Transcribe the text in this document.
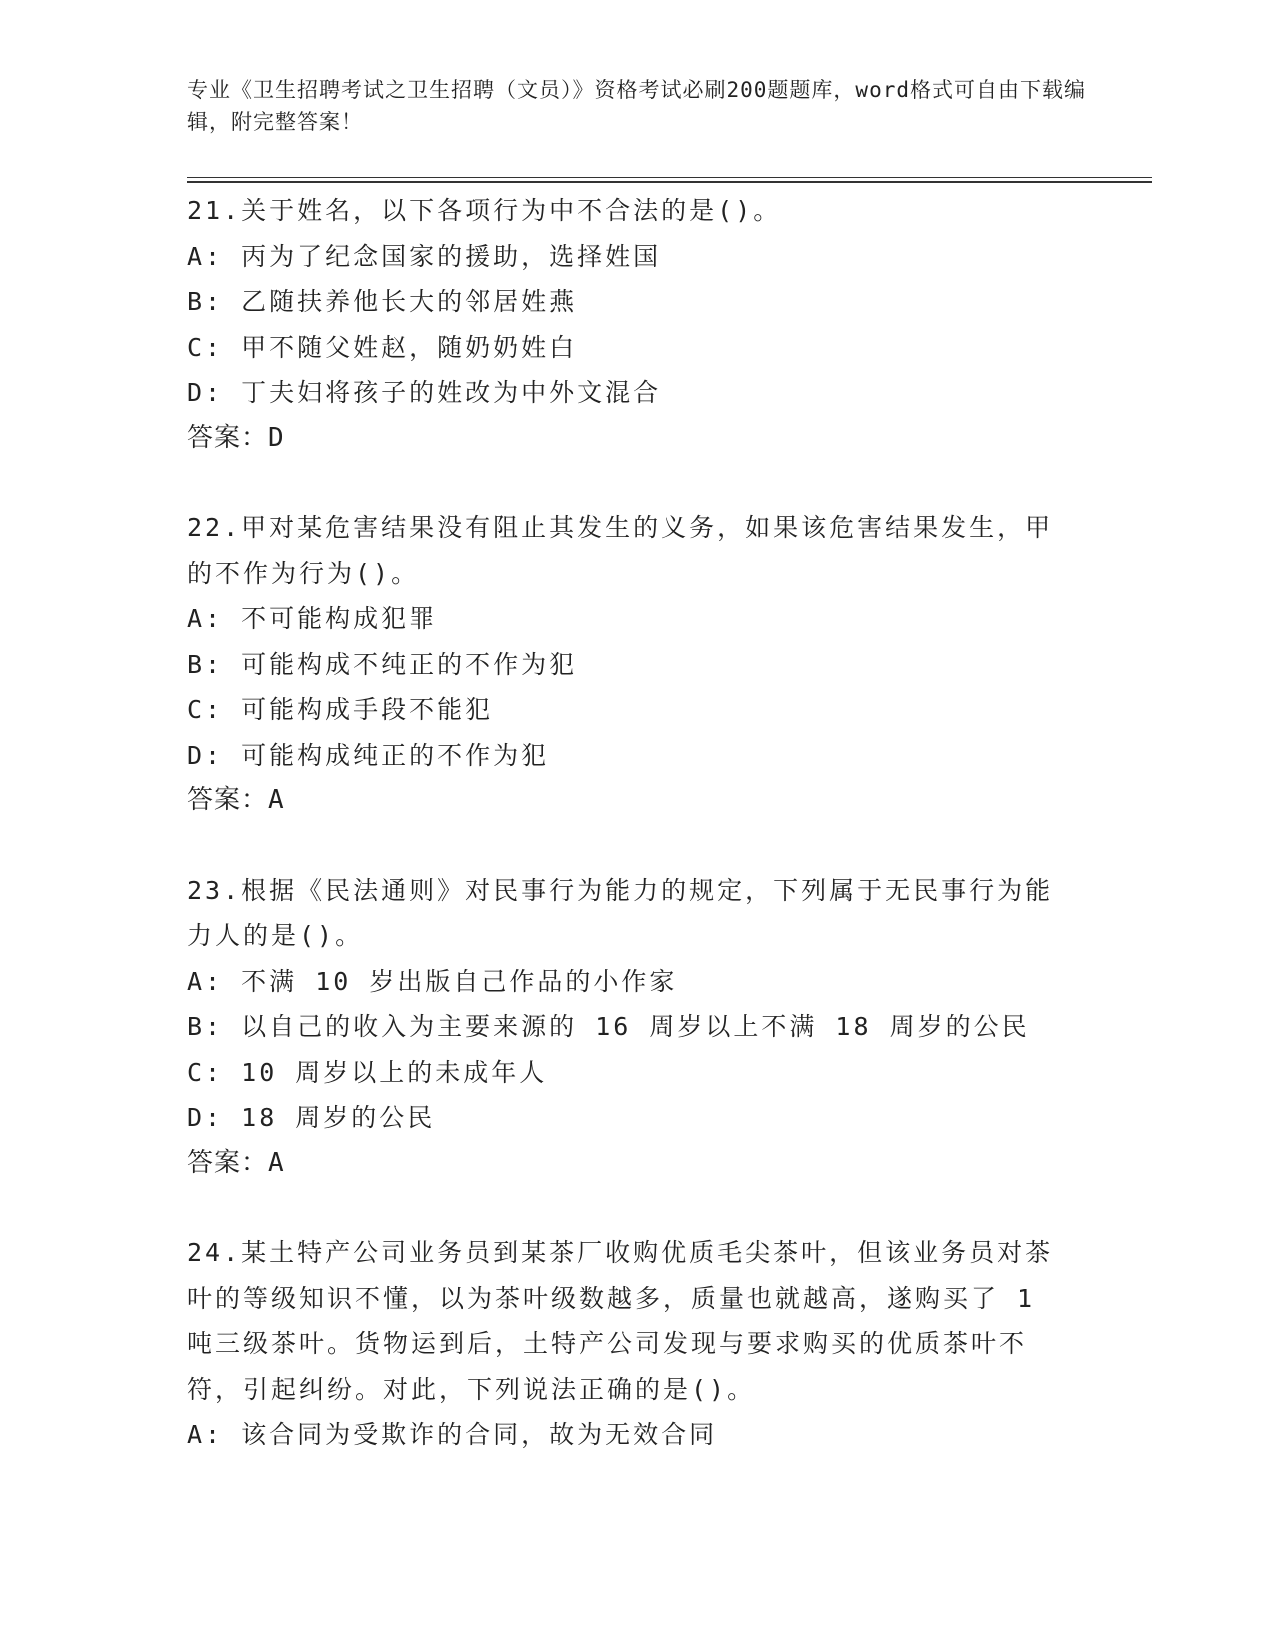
专业《卫生招聘考试之卫生招聘（文员）》资格考试必刷200题题库，word格式可自由下载编辑，附完整答案！
21.关于姓名，以下各项行为中不合法的是()。
A: 丙为了纪念国家的援助，选择姓国
B: 乙随扶养他长大的邻居姓燕
C: 甲不随父姓赵，随奶奶姓白
D: 丁夫妇将孩子的姓改为中外文混合
答案：D
22.甲对某危害结果没有阻止其发生的义务，如果该危害结果发生，甲的不作为行为()。
A: 不可能构成犯罪
B: 可能构成不纯正的不作为犯
C: 可能构成手段不能犯
D: 可能构成纯正的不作为犯
答案：A
23.根据《民法通则》对民事行为能力的规定，下列属于无民事行为能力人的是()。
A: 不满 10 岁出版自己作品的小作家
B: 以自己的收入为主要来源的 16 周岁以上不满 18 周岁的公民
C: 10 周岁以上的未成年人
D: 18 周岁的公民
答案：A
24.某土特产公司业务员到某茶厂收购优质毛尖茶叶，但该业务员对茶叶的等级知识不懂，以为茶叶级数越多，质量也就越高，遂购买了 1 吨三级茶叶。货物运到后，土特产公司发现与要求购买的优质茶叶不符，引起纠纷。对此，下列说法正确的是()。
A: 该合同为受欺诈的合同，故为无效合同
